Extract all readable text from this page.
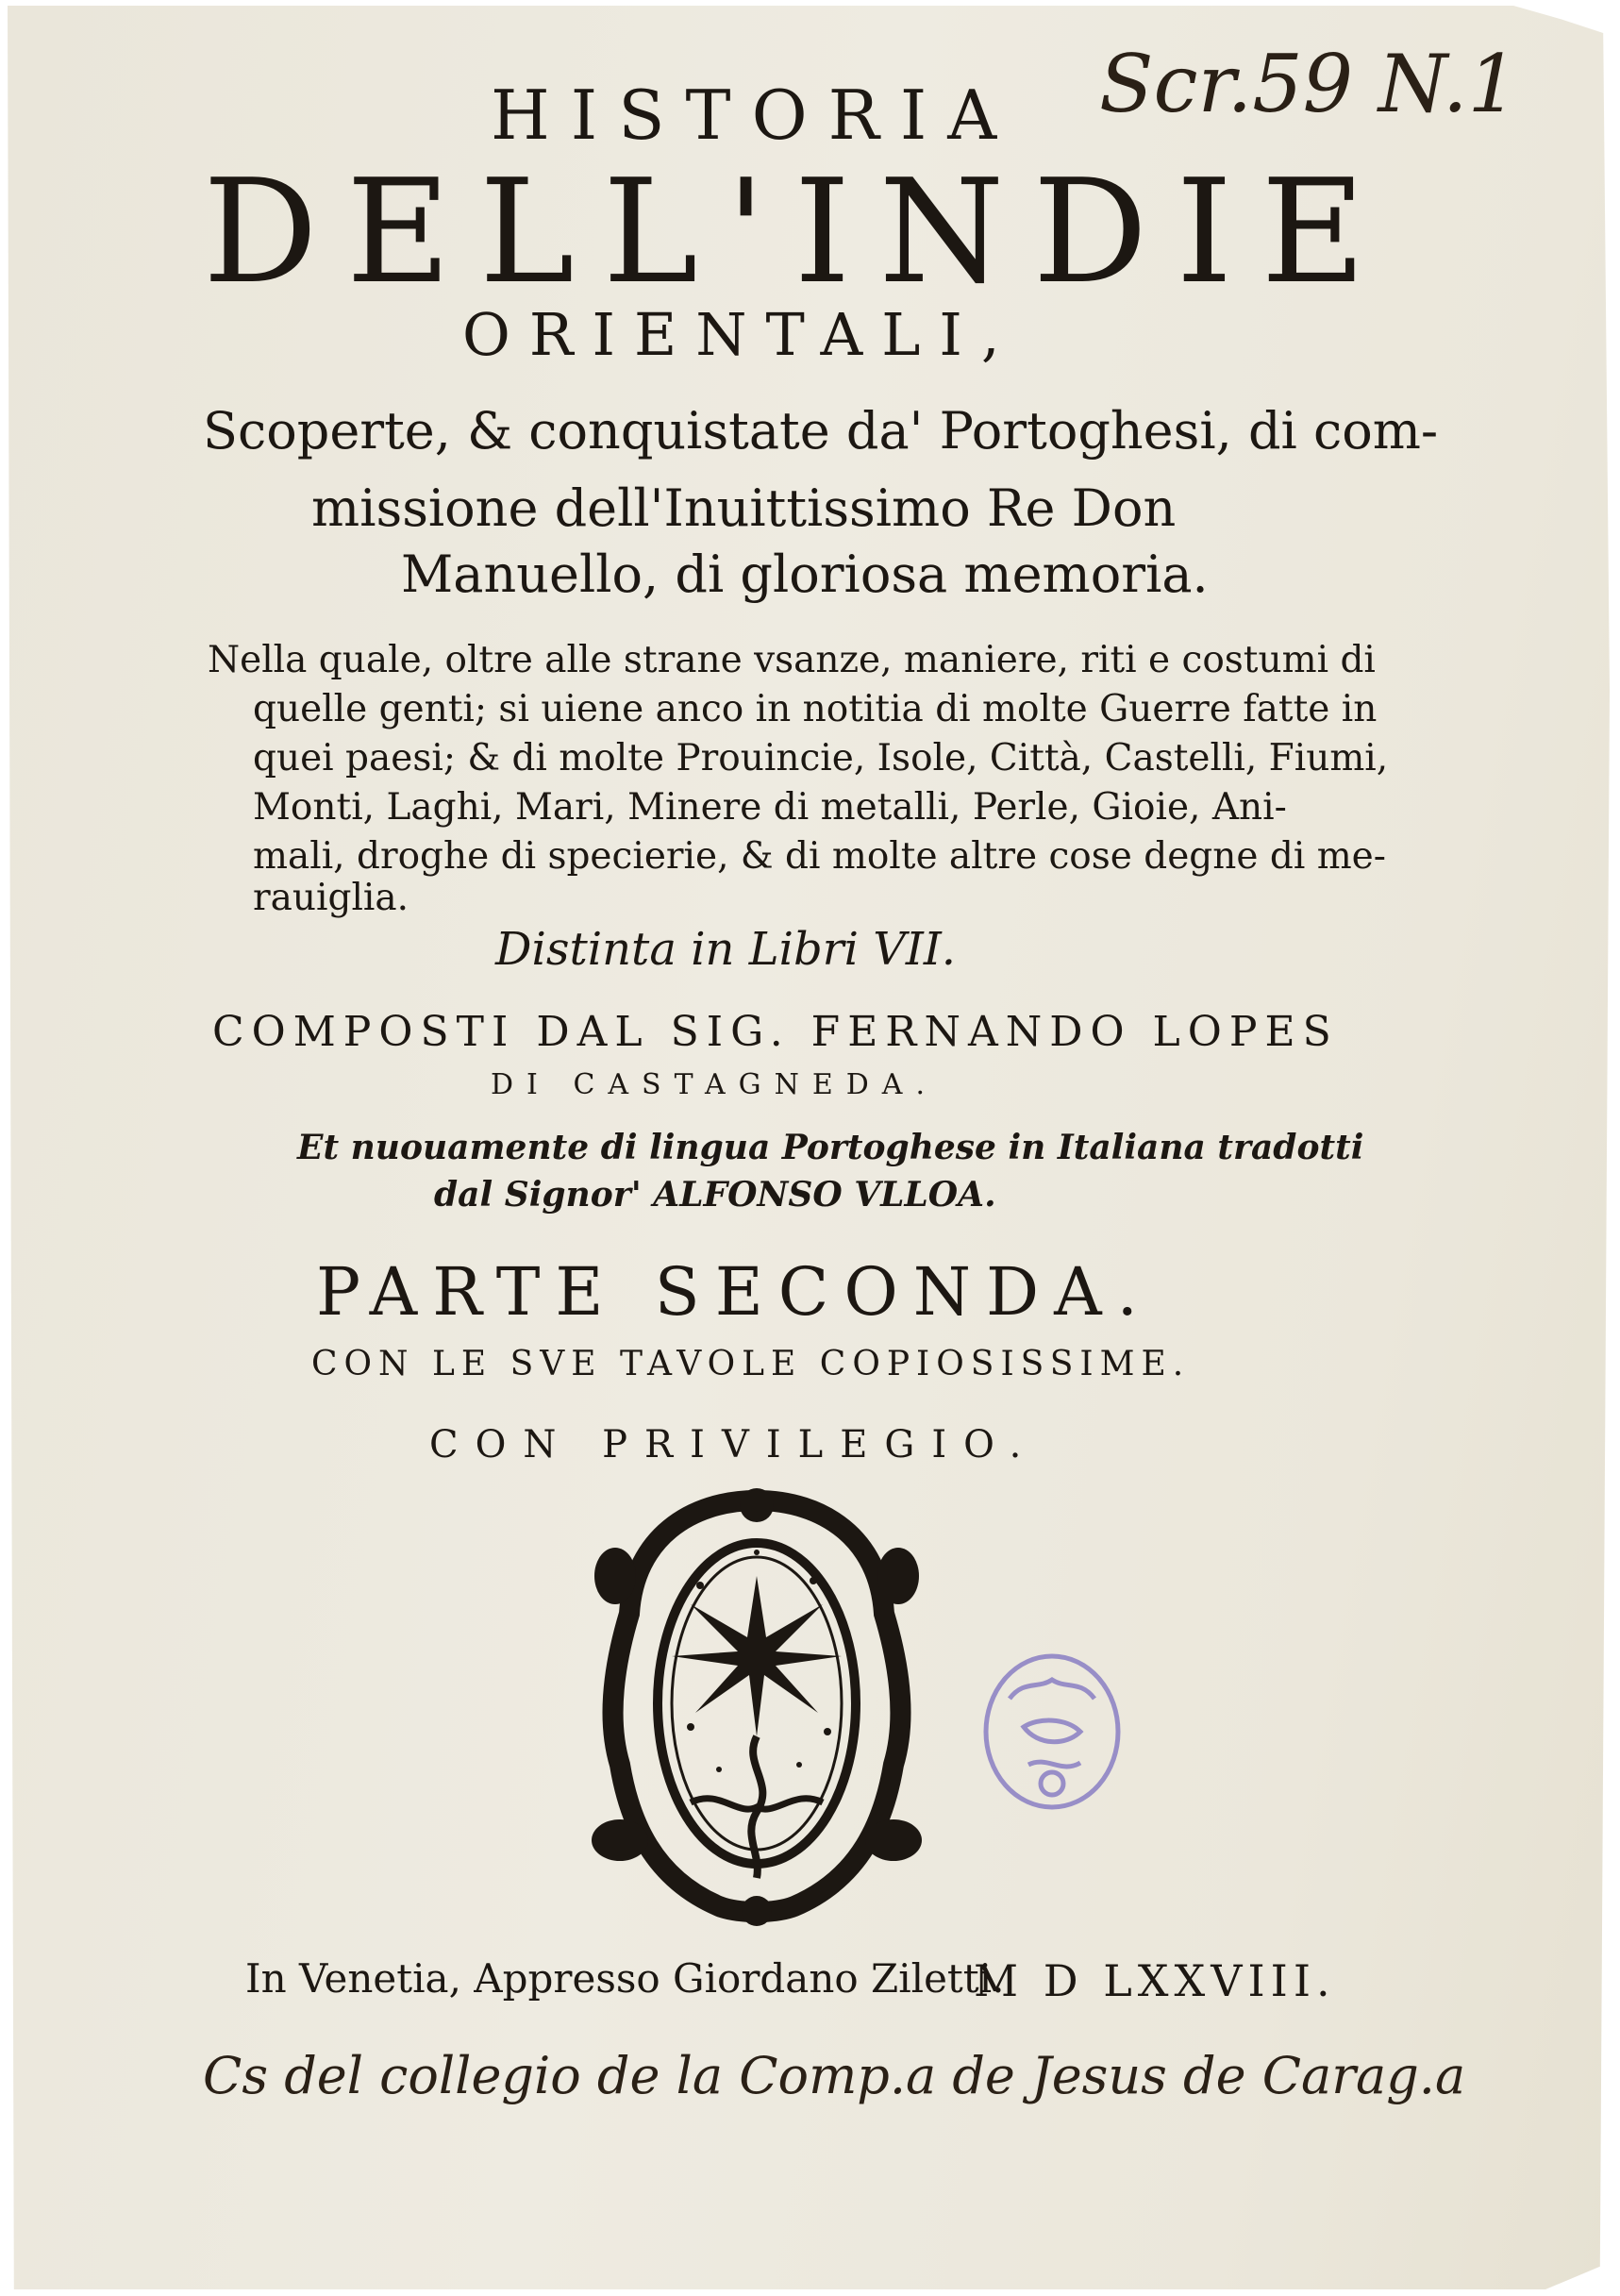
Scr.59 N.1
HISTORIA
DELL'INDIE
ORIENTALI,
Scoperte, & conquistate da' Portoghesi, di com-
missione dell'Inuittissimo Re Don
Manuello, di gloriosa memoria.
Nella quale, oltre alle strane vsanze, maniere, riti e costumi di
quelle genti; si uiene anco in notitia di molte Guerre fatte in
quei paesi; & di molte Prouincie, Isole, Città, Castelli, Fiumi,
Monti, Laghi, Mari, Minere di metalli, Perle, Gioie, Ani-
mali, droghe di specierie, & di molte altre cose degne di me-
rauiglia.
Distinta in Libri VII.
COMPOSTI DAL SIG. FERNANDO LOPES
DI CASTAGNEDA.
Et nuouamente di lingua Portoghese in Italiana tradotti
dal Signor' ALFONSO VLLOA.
PARTE SECONDA.
CON LE SVE TAVOLE COPIOSISSIME.
CON PRIVILEGIO.
In Venetia, Appresso Giordano Ziletti.
M D LXXVIII.
Cs del collegio de la Comp.a de Jesus de Carag.a
